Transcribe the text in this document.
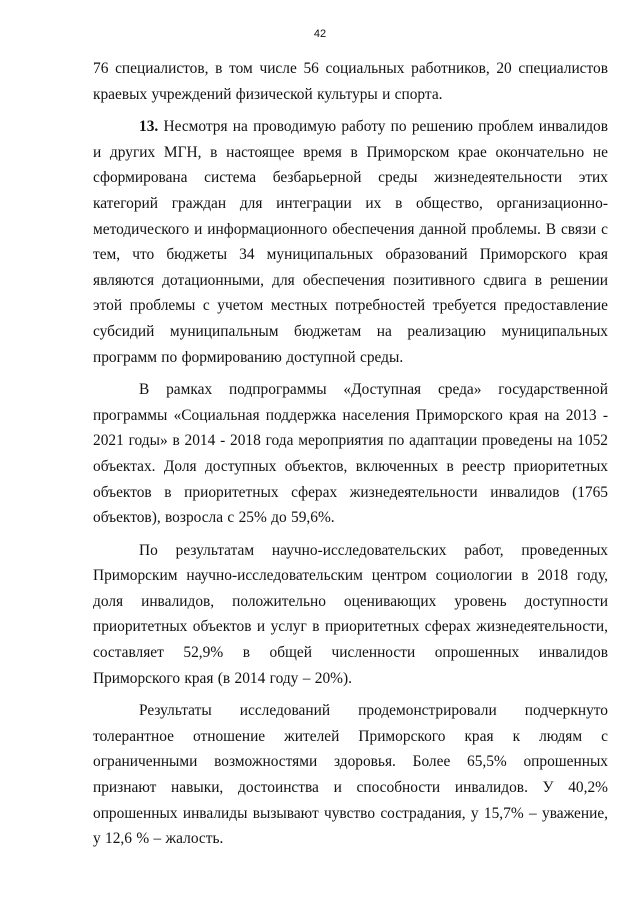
42

76 специалистов, в том числе 56 социальных работников, 20 специалистов краевых учреждений физической культуры и спорта.

13. Несмотря на проводимую работу по решению проблем инвалидов и других МГН, в настоящее время в Приморском крае окончательно не сформирована система безбарьерной среды жизнедеятельности этих категорий граждан для интеграции их в общество, организационно-методического и информационного обеспечения данной проблемы. В связи с тем, что бюджеты 34 муниципальных образований Приморского края являются дотационными, для обеспечения позитивного сдвига в решении этой проблемы с учетом местных потребностей требуется предоставление субсидий муниципальным бюджетам на реализацию муниципальных программ по формированию доступной среды.

В рамках подпрограммы «Доступная среда» государственной программы «Социальная поддержка населения Приморского края на 2013 - 2021 годы» в 2014 - 2018 года мероприятия по адаптации проведены на 1052 объектах. Доля доступных объектов, включенных в реестр приоритетных объектов в приоритетных сферах жизнедеятельности инвалидов (1765 объектов), возросла с 25% до 59,6%.

По результатам научно-исследовательских работ, проведенных Приморским научно-исследовательским центром социологии в 2018 году, доля инвалидов, положительно оценивающих уровень доступности приоритетных объектов и услуг в приоритетных сферах жизнедеятельности, составляет 52,9% в общей численности опрошенных инвалидов Приморского края (в 2014 году – 20%).

Результаты исследований продемонстрировали подчеркнуто толерантное отношение жителей Приморского края к людям с ограниченными возможностями здоровья. Более 65,5% опрошенных признают навыки, достоинства и способности инвалидов. У 40,2% опрошенных инвалиды вызывают чувство сострадания, у 15,7% – уважение, у 12,6 % – жалость.
